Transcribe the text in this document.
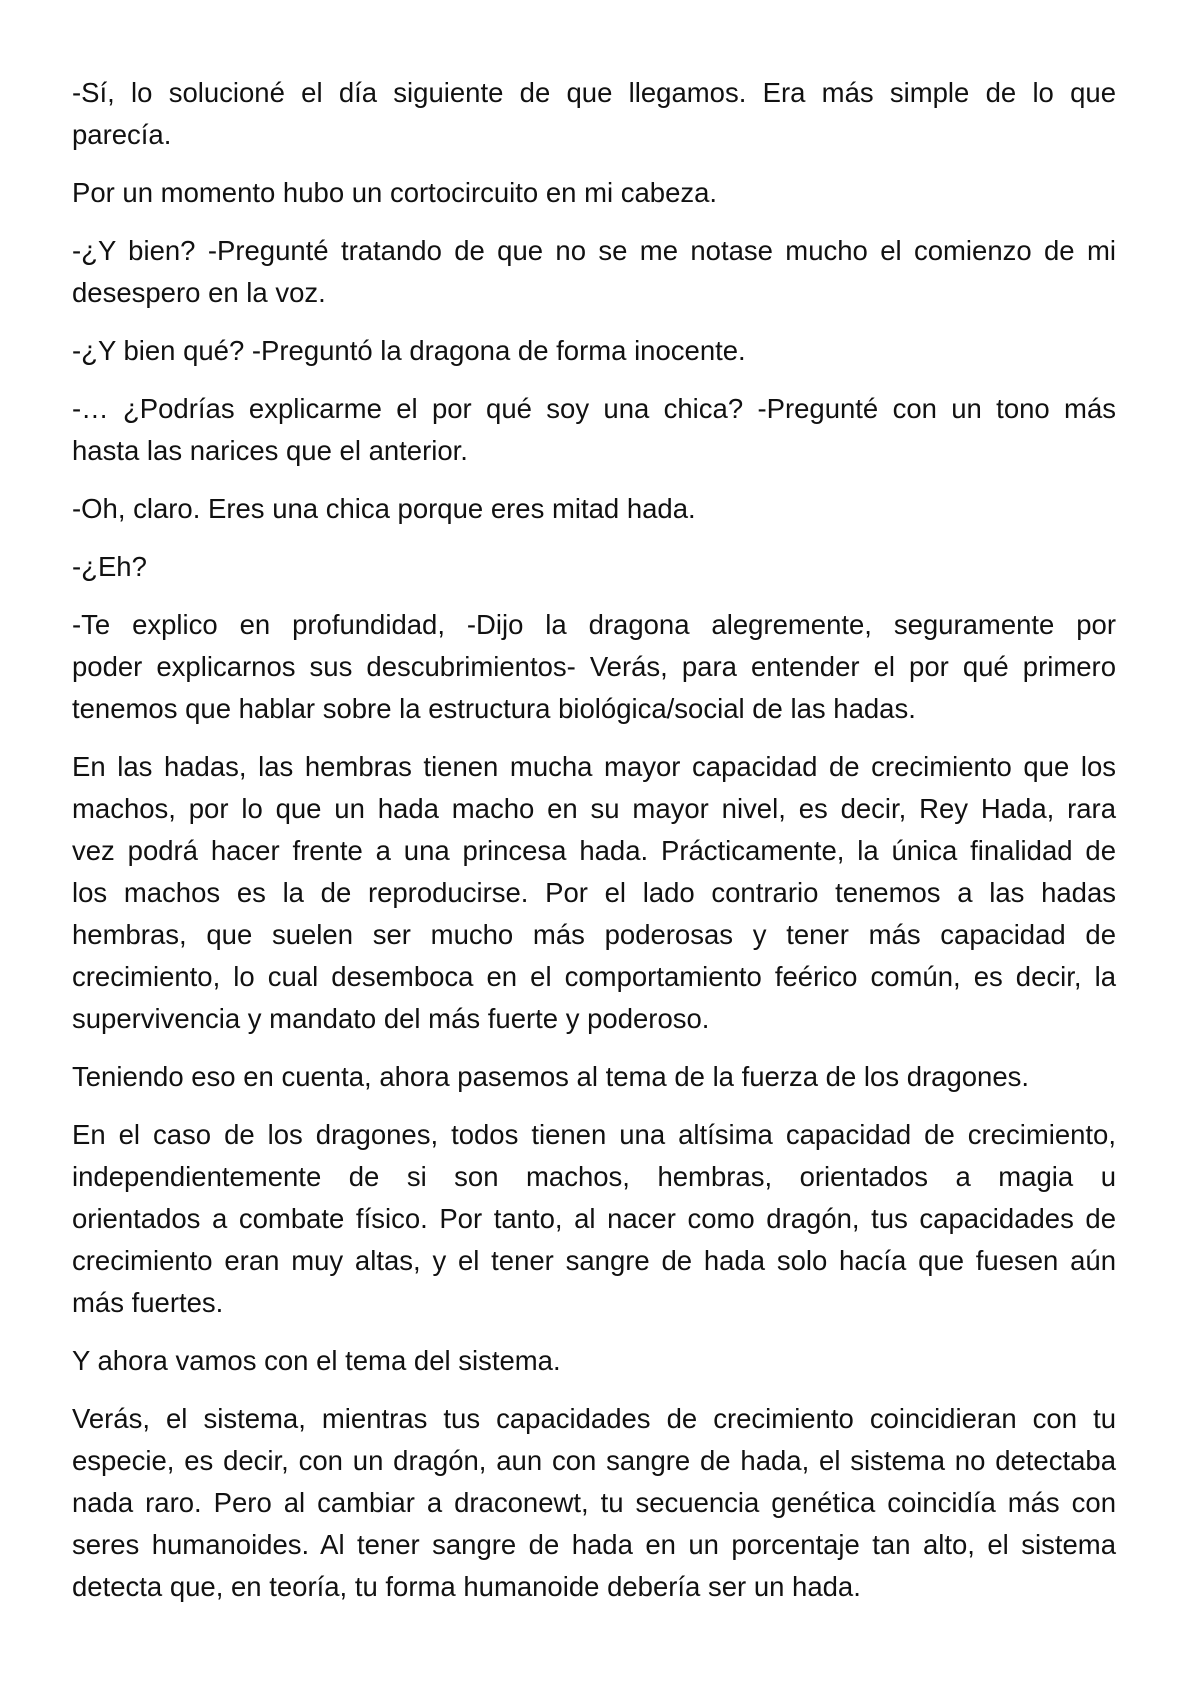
-Sí, lo solucioné el día siguiente de que llegamos. Era más simple de lo que
parecía.
Por un momento hubo un cortocircuito en mi cabeza.
-¿Y bien? -Pregunté tratando de que no se me notase mucho el comienzo de mi
desespero en la voz.
-¿Y bien qué? -Preguntó la dragona de forma inocente.
-… ¿Podrías explicarme el por qué soy una chica? -Pregunté con un tono más
hasta las narices que el anterior.
-Oh, claro. Eres una chica porque eres mitad hada.
-¿Eh?
-Te explico en profundidad, -Dijo la dragona alegremente, seguramente por
poder explicarnos sus descubrimientos- Verás, para entender el por qué primero
tenemos que hablar sobre la estructura biológica/social de las hadas.
En las hadas, las hembras tienen mucha mayor capacidad de crecimiento que los
machos, por lo que un hada macho en su mayor nivel, es decir, Rey Hada, rara
vez podrá hacer frente a una princesa hada. Prácticamente, la única finalidad de
los machos es la de reproducirse. Por el lado contrario tenemos a las hadas
hembras, que suelen ser mucho más poderosas y tener más capacidad de
crecimiento, lo cual desemboca en el comportamiento feérico común, es decir, la
supervivencia y mandato del más fuerte y poderoso.
Teniendo eso en cuenta, ahora pasemos al tema de la fuerza de los dragones.
En el caso de los dragones, todos tienen una altísima capacidad de crecimiento,
independientemente de si son machos, hembras, orientados a magia u
orientados a combate físico. Por tanto, al nacer como dragón, tus capacidades de
crecimiento eran muy altas, y el tener sangre de hada solo hacía que fuesen aún
más fuertes.
Y ahora vamos con el tema del sistema.
Verás, el sistema, mientras tus capacidades de crecimiento coincidieran con tu
especie, es decir, con un dragón, aun con sangre de hada, el sistema no detectaba
nada raro. Pero al cambiar a draconewt, tu secuencia genética coincidía más con
seres humanoides. Al tener sangre de hada en un porcentaje tan alto, el sistema
detecta que, en teoría, tu forma humanoide debería ser un hada.
